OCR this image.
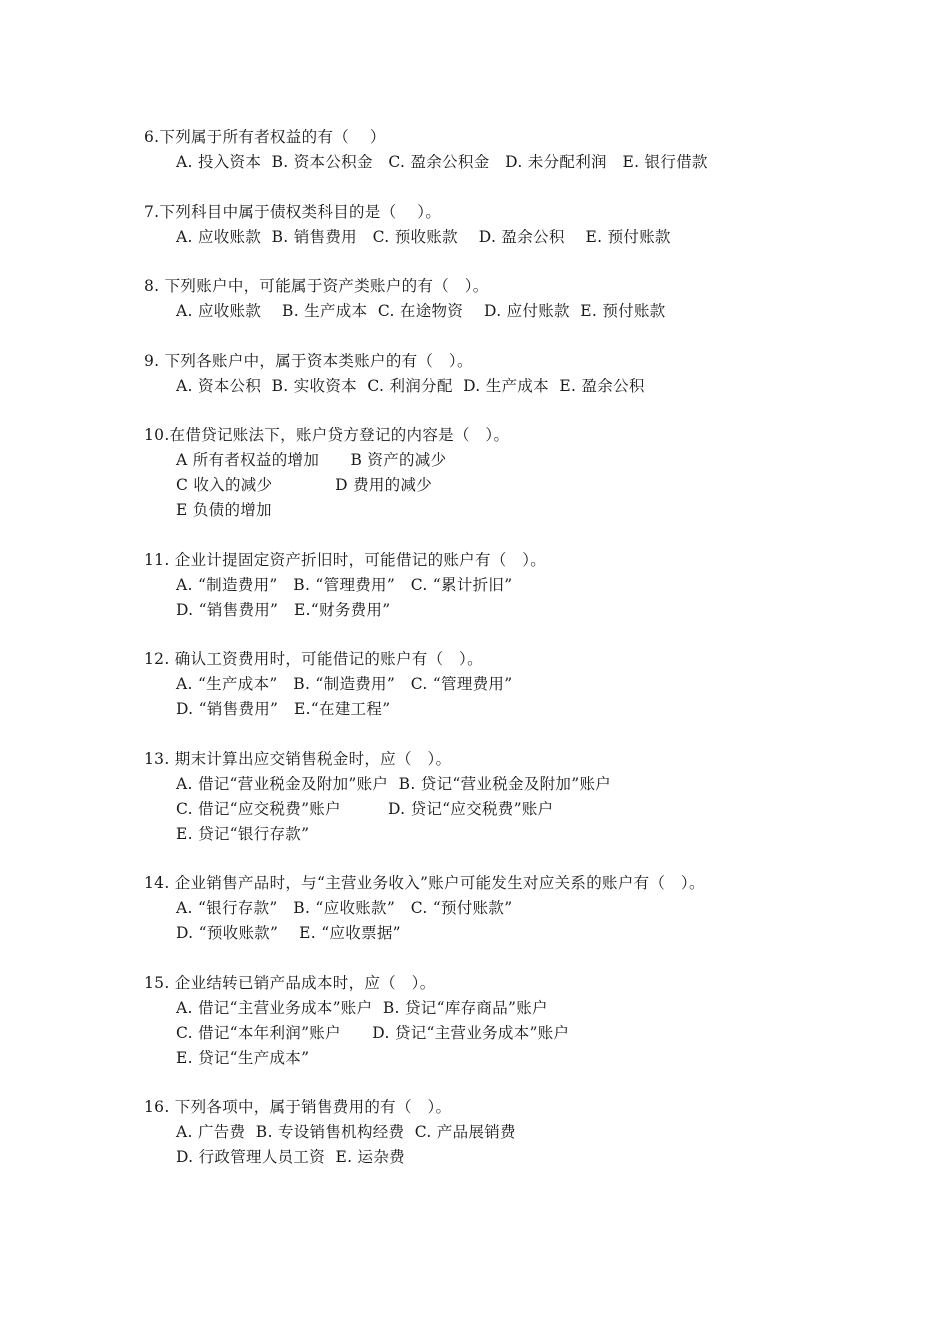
6.下列属于所有者权益的有（    ）
A. 投入资本  B. 资本公积金   C. 盈余公积金   D. 未分配利润   E. 银行借款
7.下列科目中属于债权类科目的是（    ）。
A. 应收账款  B. 销售费用   C. 预收账款    D. 盈余公积    E. 预付账款
8. 下列账户中，可能属于资产类账户的有（   ）。
A. 应收账款    B. 生产成本  C. 在途物资    D. 应付账款  E. 预付账款
9. 下列各账户中，属于资本类账户的有（   ）。
A. 资本公积  B. 实收资本  C. 利润分配  D. 生产成本  E. 盈余公积
10.在借贷记账法下，账户贷方登记的内容是（   ）。
A 所有者权益的增加      B 资产的减少
C 收入的减少            D 费用的减少
E 负债的增加
11. 企业计提固定资产折旧时，可能借记的账户有（   ）。
A. “制造费用”   B. “管理费用”   C. “累计折旧”
D. “销售费用”   E.“财务费用”
12. 确认工资费用时，可能借记的账户有（   ）。
A. “生产成本”   B. “制造费用”   C. “管理费用”
D. “销售费用”   E.“在建工程”
13. 期末计算出应交销售税金时，应（   ）。
A. 借记“营业税金及附加”账户  B. 贷记“营业税金及附加”账户
C. 借记“应交税费”账户         D. 贷记“应交税费”账户
E. 贷记“银行存款”
14. 企业销售产品时，与“主营业务收入”账户可能发生对应关系的账户有（   ）。
A. “银行存款”   B. “应收账款”   C. “预付账款”
D. “预收账款”    E. “应收票据”
15. 企业结转已销产品成本时，应（   ）。
A. 借记“主营业务成本”账户  B. 贷记“库存商品”账户
C. 借记“本年利润”账户      D. 贷记“主营业务成本”账户
E. 贷记“生产成本”
16. 下列各项中，属于销售费用的有（   ）。
A. 广告费  B. 专设销售机构经费  C. 产品展销费
D. 行政管理人员工资  E. 运杂费
